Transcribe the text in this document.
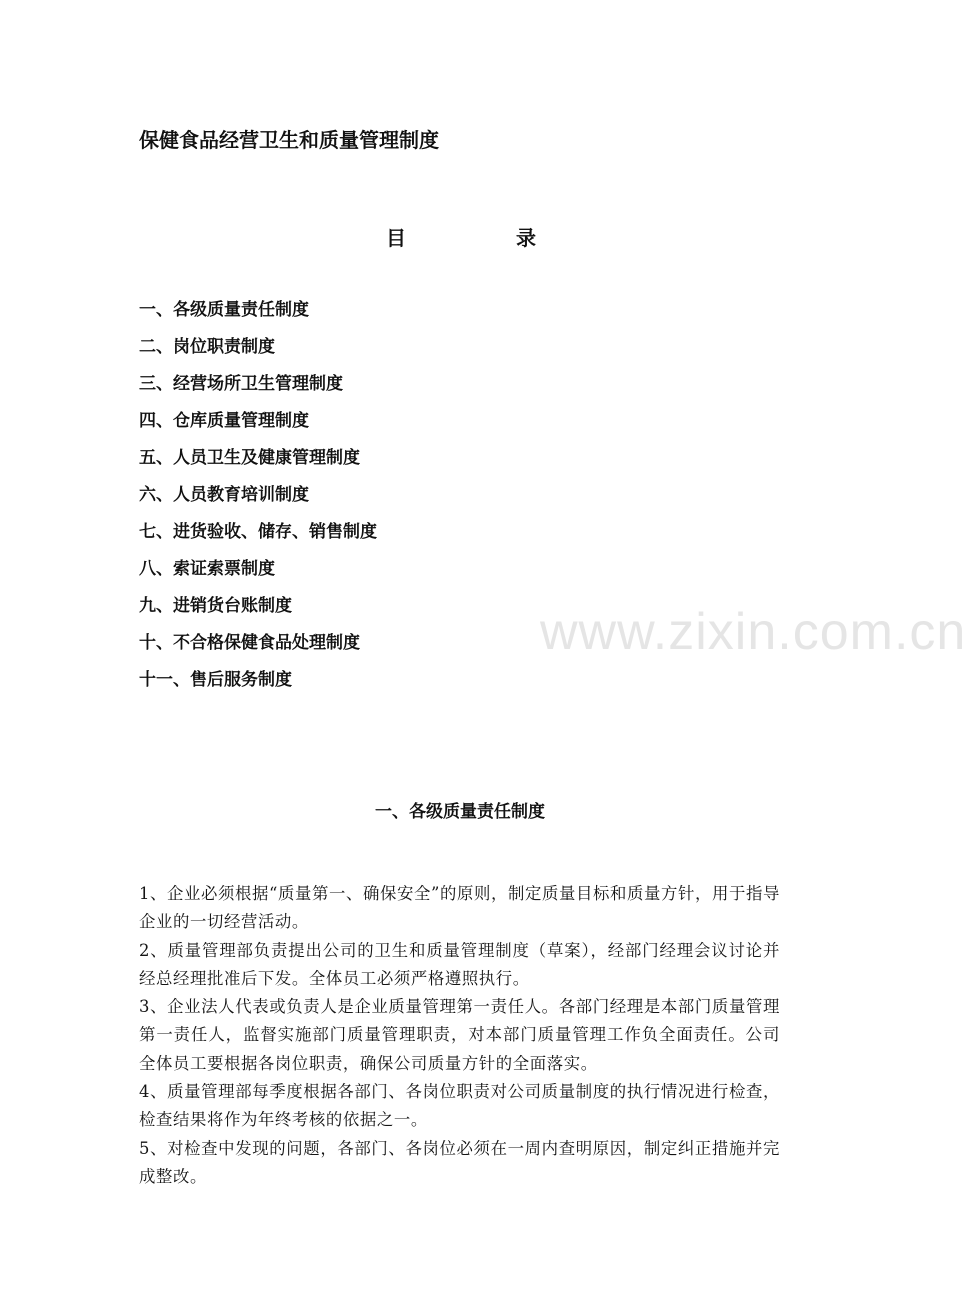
保健食品经营卫生和质量管理制度
目	录
一、各级质量责任制度
二、岗位职责制度
三、经营场所卫生管理制度
四、仓库质量管理制度
五、人员卫生及健康管理制度
六、人员教育培训制度
七、进货验收、储存、销售制度
八、索证索票制度
九、进销货台账制度
十、不合格保健食品处理制度
十一、售后服务制度
www.zixin.com.cn
一、各级质量责任制度

1、企业必须根据“质量第一、确保安全”的原则，制定质量目标和质量方针，用于指导企业的一切经营活动。

2、质量管理部负责提出公司的卫生和质量管理制度（草案），经部门经理会议讨论并经总经理批准后下发。全体员工必须严格遵照执行。

3、企业法人代表或负责人是企业质量管理第一责任人。各部门经理是本部门质量管理第一责任人，监督实施部门质量管理职责，对本部门质量管理工作负全面责任。公司全体员工要根据各岗位职责，确保公司质量方针的全面落实。

4、质量管理部每季度根据各部门、各岗位职责对公司质量制度的执行情况进行检查，检查结果将作为年终考核的依据之一。

5、对检查中发现的问题，各部门、各岗位必须在一周内查明原因，制定纠正措施并完成整改。
